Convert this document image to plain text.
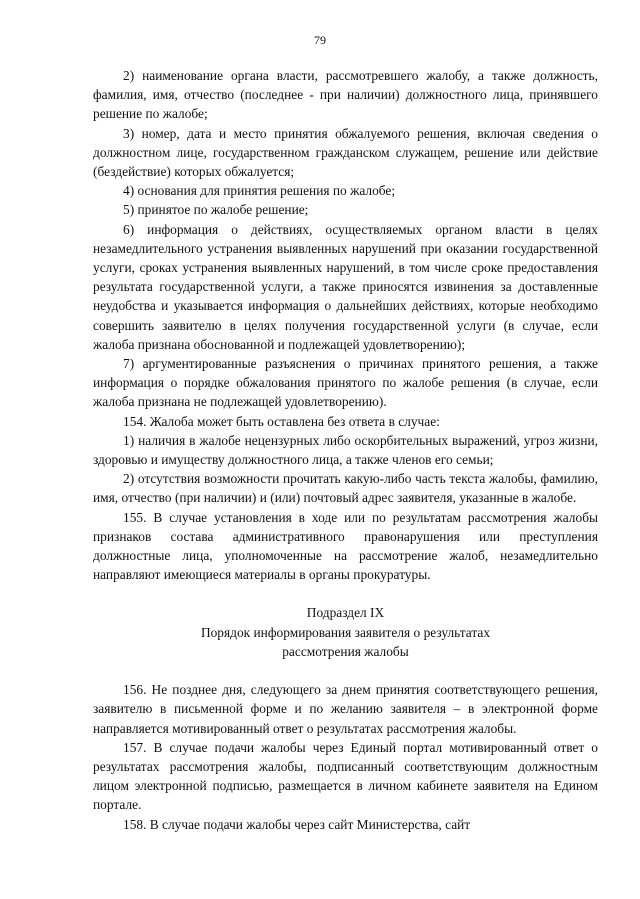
79

2) наименование органа власти, рассмотревшего жалобу, а также должность, фамилия, имя, отчество (последнее - при наличии) должностного лица, принявшего решение по жалобе;

3) номер, дата и место принятия обжалуемого решения, включая сведения о должностном лице, государственном гражданском служащем, решение или действие (бездействие) которых обжалуется;

4) основания для принятия решения по жалобе;

5) принятое по жалобе решение;

6) информация о действиях, осуществляемых органом власти в целях незамедлительного устранения выявленных нарушений при оказании государственной услуги, сроках устранения выявленных нарушений, в том числе сроке предоставления результата государственной услуги, а также приносятся извинения за доставленные неудобства и указывается информация о дальнейших действиях, которые необходимо совершить заявителю в целях получения государственной услуги (в случае, если жалоба признана обоснованной и подлежащей удовлетворению);

7) аргументированные разъяснения о причинах принятого решения, а также информация о порядке обжалования принятого по жалобе решения (в случае, если жалоба признана не подлежащей удовлетворению).

154. Жалоба может быть оставлена без ответа в случае:

1) наличия в жалобе нецензурных либо оскорбительных выражений, угроз жизни, здоровью и имуществу должностного лица, а также членов его семьи;

2) отсутствия возможности прочитать какую-либо часть текста жалобы, фамилию, имя, отчество (при наличии) и (или) почтовый адрес заявителя, указанные в жалобе.

155. В случае установления в ходе или по результатам рассмотрения жалобы признаков состава административного правонарушения или преступления должностные лица, уполномоченные на рассмотрение жалоб, незамедлительно направляют имеющиеся материалы в органы прокуратуры.

Подраздел IX
Порядок информирования заявителя о результатах
рассмотрения жалобы

156. Не позднее дня, следующего за днем принятия соответствующего решения, заявителю в письменной форме и по желанию заявителя – в электронной форме направляется мотивированный ответ о результатах рассмотрения жалобы.

157. В случае подачи жалобы через Единый портал мотивированный ответ о результатах рассмотрения жалобы, подписанный соответствующим должностным лицом электронной подписью, размещается в личном кабинете заявителя на Едином портале.

158. В случае подачи жалобы через сайт Министерства, сайт
